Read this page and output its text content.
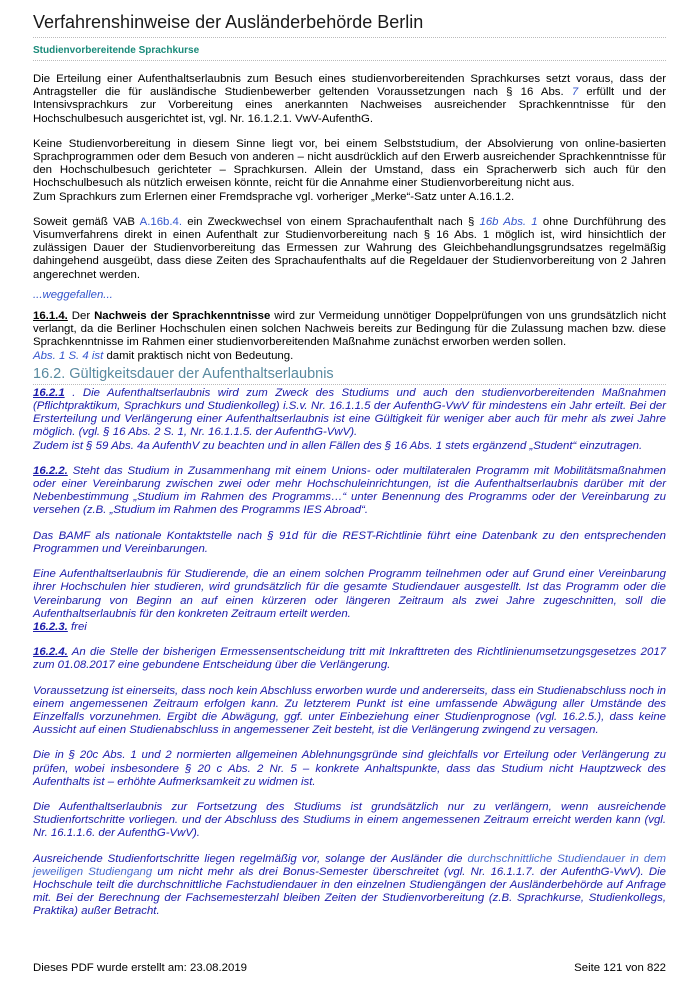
Verfahrenshinweise der Ausländerbehörde Berlin
Studienvorbereitende Sprachkurse

Die Erteilung einer Aufenthaltserlaubnis zum Besuch eines studienvorbereitenden Sprachkurses setzt voraus, dass der Antragsteller die für ausländische Studienbewerber geltenden Voraussetzungen nach § 16 Abs. 7 erfüllt und der Intensivsprachkurs zur Vorbereitung eines anerkannten Nachweises ausreichender Sprachkenntnisse für den Hochschulbesuch ausgerichtet ist, vgl. Nr. 16.1.2.1. VwV-AufenthG.

Keine Studienvorbereitung in diesem Sinne liegt vor, bei einem Selbststudium, der Absolvierung von online-basierten Sprachprogrammen oder dem Besuch von anderen – nicht ausdrücklich auf den Erwerb ausreichender Sprachkenntnisse für den Hochschulbesuch gerichteter – Sprachkursen. Allein der Umstand, dass ein Spracherwerb sich auch für den Hochschulbesuch als nützlich erweisen könnte, reicht für die Annahme einer Studienvorbereitung nicht aus.

Zum Sprachkurs zum Erlernen einer Fremdsprache vgl. vorheriger „Merke“-Satz unter A.16.1.2.

Soweit gemäß VAB A.16b.4. ein Zweckwechsel von einem Sprachaufenthalt nach § 16b Abs. 1 ohne Durchführung des Visumverfahrens direkt in einen Aufenthalt zur Studienvorbereitung nach § 16 Abs. 1 möglich ist, wird hinsichtlich der zulässigen Dauer der Studienvorbereitung das Ermessen zur Wahrung des Gleichbehandlungsgrundsatzes regelmäßig dahingehend ausgeübt, dass diese Zeiten des Sprachaufenthalts auf die Regeldauer der Studienvorbereitung von 2 Jahren angerechnet werden.

...weggefallen...

16.1.4. Der Nachweis der Sprachkenntnisse wird zur Vermeidung unnötiger Doppelprüfungen von uns grundsätzlich nicht verlangt, da die Berliner Hochschulen einen solchen Nachweis bereits zur Bedingung für die Zulassung machen bzw. diese Sprachkenntnisse im Rahmen einer studienvorbereitenden Maßnahme zunächst erworben werden sollen.
Abs. 1 S. 4 ist damit praktisch nicht von Bedeutung.

16.2. Gültigkeitsdauer der Aufenthaltserlaubnis

16.2.1 . Die Aufenthaltserlaubnis wird zum Zweck des Studiums und auch den studienvorbereitenden Maßnahmen (Pflichtpraktikum, Sprachkurs und Studienkolleg) i.S.v. Nr. 16.1.1.5 der AufenthG-VwV für mindestens ein Jahr erteilt. Bei der Ersterteilung und Verlängerung einer Aufenthaltserlaubnis ist eine Gültigkeit für weniger aber auch für mehr als zwei Jahre möglich. (vgl. § 16 Abs. 2 S. 1, Nr. 16.1.1.5. der AufenthG-VwV).
Zudem ist § 59 Abs. 4a AufenthV zu beachten und in allen Fällen des § 16 Abs. 1 stets ergänzend „Student“ einzutragen.

16.2.2. Steht das Studium in Zusammenhang mit einem Unions- oder multilateralen Programm mit Mobilitätsmaßnahmen oder einer Vereinbarung zwischen zwei oder mehr Hochschuleinrichtungen, ist die Aufenthaltserlaubnis darüber mit der Nebenbestimmung „Studium im Rahmen des Programms…“ unter Benennung des Programms oder der Vereinbarung zu versehen (z.B. „Studium im Rahmen des Programms IES Abroad“.

Das BAMF als nationale Kontaktstelle nach § 91d für die REST-Richtlinie führt eine Datenbank zu den entsprechenden Programmen und Vereinbarungen.

Eine Aufenthaltserlaubnis für Studierende, die an einem solchen Programm teilnehmen oder auf Grund einer Vereinbarung ihrer Hochschulen hier studieren, wird grundsätzlich für die gesamte Studiendauer ausgestellt. Ist das Programm oder die Vereinbarung von Beginn an auf einen kürzeren oder längeren Zeitraum als zwei Jahre zugeschnitten, soll die Aufenthaltserlaubnis für den konkreten Zeitraum erteilt werden.

16.2.3. frei

16.2.4. An die Stelle der bisherigen Ermessensentscheidung tritt mit Inkrafttreten des Richtlinienumsetzungsgesetzes 2017 zum 01.08.2017 eine gebundene Entscheidung über die Verlängerung.

Voraussetzung ist einerseits, dass noch kein Abschluss erworben wurde und andererseits, dass ein Studienabschluss noch in einem angemessenen Zeitraum erfolgen kann. Zu letzterem Punkt ist eine umfassende Abwägung aller Umstände des Einzelfalls vorzunehmen. Ergibt die Abwägung, ggf. unter Einbeziehung einer Studienprognose (vgl. 16.2.5.), dass keine Aussicht auf einen Studienabschluss in angemessener Zeit besteht, ist die Verlängerung zwingend zu versagen.

Die in § 20c Abs. 1 und 2 normierten allgemeinen Ablehnungsgründe sind gleichfalls vor Erteilung oder Verlängerung zu prüfen, wobei insbesondere § 20 c Abs. 2 Nr. 5 – konkrete Anhaltspunkte, dass das Studium nicht Hauptzweck des Aufenthalts ist – erhöhte Aufmerksamkeit zu widmen ist.

Die Aufenthaltserlaubnis zur Fortsetzung des Studiums ist grundsätzlich nur zu verlängern, wenn ausreichende Studienfortschritte vorliegen. und der Abschluss des Studiums in einem angemessenen Zeitraum erreicht werden kann (vgl. Nr. 16.1.1.6. der AufenthG-VwV).

Ausreichende Studienfortschritte liegen regelmäßig vor, solange der Ausländer die durchschnittliche Studiendauer in dem jeweiligen Studiengang um nicht mehr als drei Bonus-Semester überschreitet (vgl. Nr. 16.1.1.7. der AufenthG-VwV). Die Hochschule teilt die durchschnittliche Fachstudiendauer in den einzelnen Studiengängen der Ausländerbehörde auf Anfrage mit. Bei der Berechnung der Fachsemesterzahl bleiben Zeiten der Studienvorbereitung (z.B. Sprachkurse, Studienkollegs, Praktika) außer Betracht.

Dieses PDF wurde erstellt am: 23.08.2019	Seite 121 von 822
